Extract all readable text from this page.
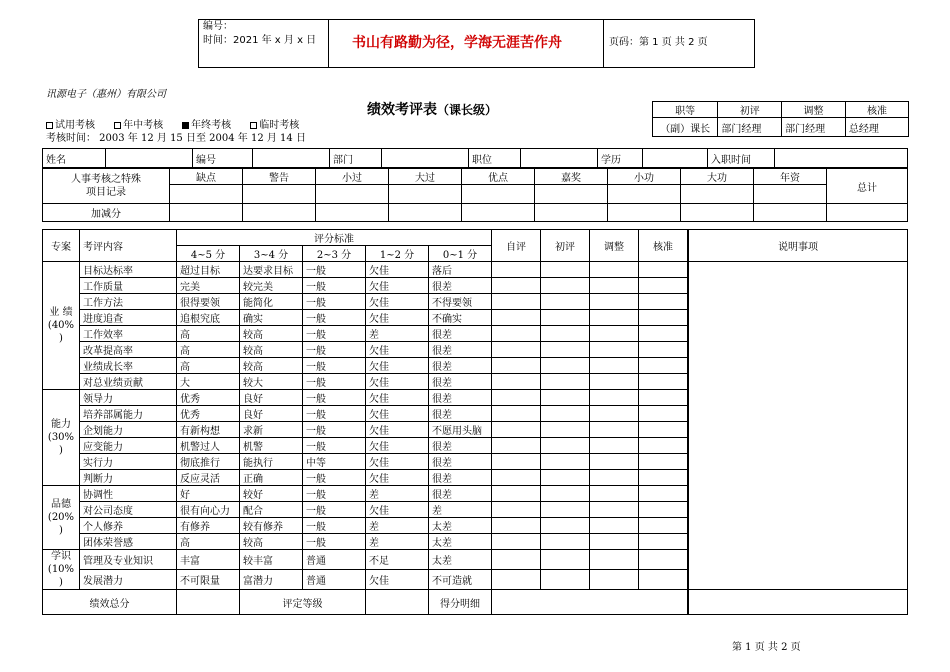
编号：
时间：2021 年 x 月 x 日	书山有路勤为径，学海无涯苦作舟	页码：第 1 页 共 2 页
讯源电子（惠州）有限公司
绩效考评表（课长级）	职等	初评	调整	核准
（副）课长	部门经理	部门经理	总经理
试用考核	年中考核	年终考核	临时考核
考核时间： 2003 年 12 月 15 日至 2004 年 12 月 14 日
姓名		编号		部门		职位		学历		入职时间	
人事考核之特殊
项目记录	缺点	警告	小过	大过	优点	嘉奖	小功	大功	年资	总计

加减分										
专案	考评内容	评分标准					自评	初评	调整	核准	说明事项
		4~5 分	3~4 分	2~3 分	1~2 分	0~1 分					

业 绩
(40%
)	目标达标率	超过目标	达要求目标	一般	欠佳	落后					
	工作质量	完美	较完美	一般	欠佳	很差					
	工作方法	很得要领	能简化	一般	欠佳	不得要领					
	进度追查	追根究底	确实	一般	欠佳	不确实					
	工作效率	高	较高	一般	差	很差					
	改革提高率	高	较高	一般	欠佳	很差					
	业绩成长率	高	较高	一般	欠佳	很差					
	对总业绩贡献	大	较大	一般	欠佳	很差					

能力
(30%
)	领导力	优秀	良好	一般	欠佳	很差					
	培养部属能力	优秀	良好	一般	欠佳	很差					
	企划能力	有新构想	求新	一般	欠佳	不愿用头脑					
	应变能力	机警过人	机警	一般	欠佳	很差					
	实行力	彻底推行	能执行	中等	欠佳	很差					
	判断力	反应灵活	正确	一般	欠佳	很差					

品德
(20%
)	协调性	好	较好	一般	差	很差					
	对公司态度	很有向心力	配合	一般	欠佳	差					
	个人修养	有修养	较有修养	一般	差	太差					
	团体荣誉感	高	较高	一般	差	太差					

学识
(10%
)	管理及专业知识	丰富	较丰富	普通	不足	太差					
	发展潜力	不可限量	富潜力	普通	欠佳	不可造就					
绩效总分			评定等级			得分明细					
第 1 页 共 2 页
